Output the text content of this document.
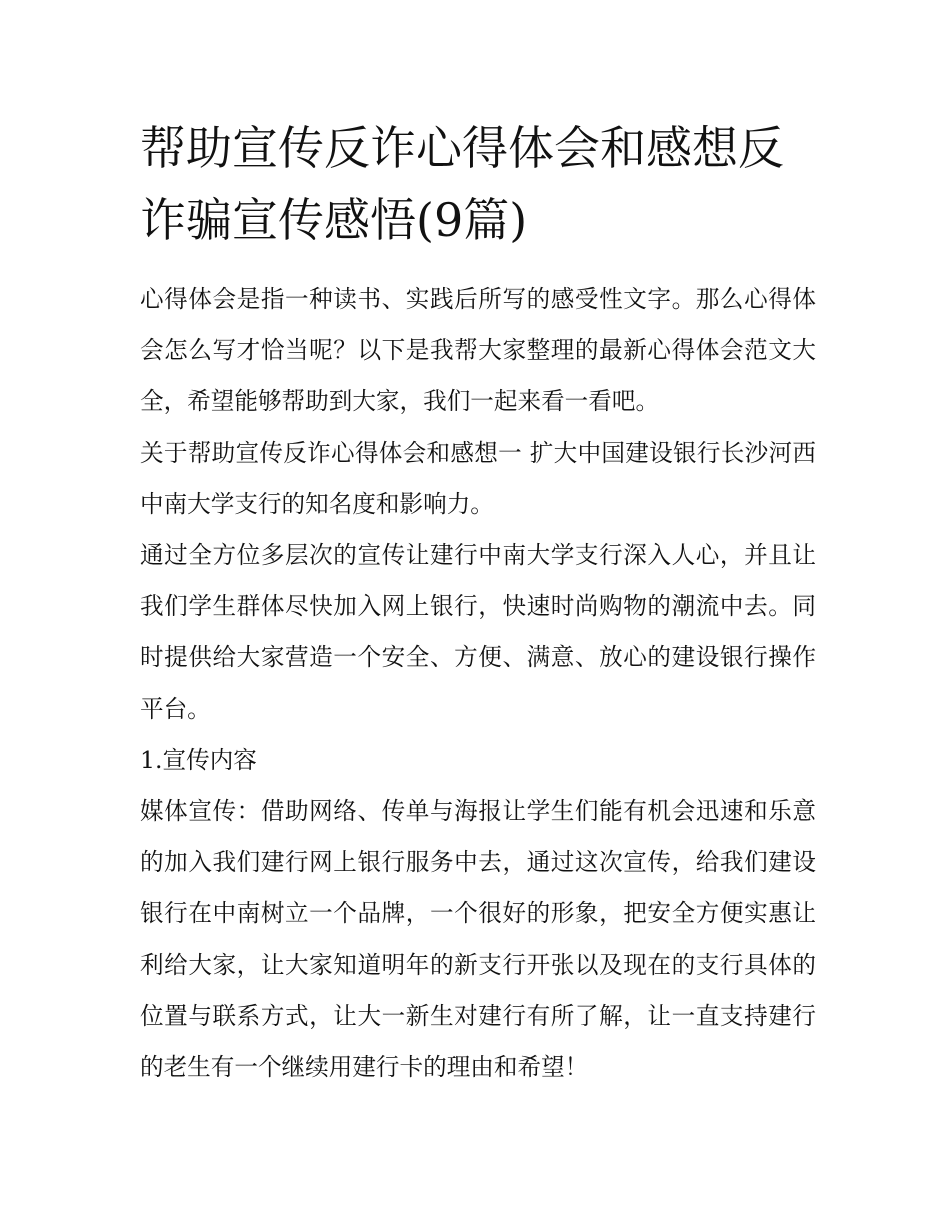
帮助宣传反诈心得体会和感想反诈骗宣传感悟(9篇)

心得体会是指一种读书、实践后所写的感受性文字。那么心得体会怎么写才恰当呢？以下是我帮大家整理的最新心得体会范文大全，希望能够帮助到大家，我们一起来看一看吧。

关于帮助宣传反诈心得体会和感想一 扩大中国建设银行长沙河西中南大学支行的知名度和影响力。

通过全方位多层次的宣传让建行中南大学支行深入人心，并且让我们学生群体尽快加入网上银行，快速时尚购物的潮流中去。同时提供给大家营造一个安全、方便、满意、放心的建设银行操作平台。

1.宣传内容

媒体宣传：借助网络、传单与海报让学生们能有机会迅速和乐意的加入我们建行网上银行服务中去，通过这次宣传，给我们建设银行在中南树立一个品牌，一个很好的形象，把安全方便实惠让利给大家，让大家知道明年的新支行开张以及现在的支行具体的位置与联系方式，让大一新生对建行有所了解，让一直支持建行的老生有一个继续用建行卡的理由和希望！
